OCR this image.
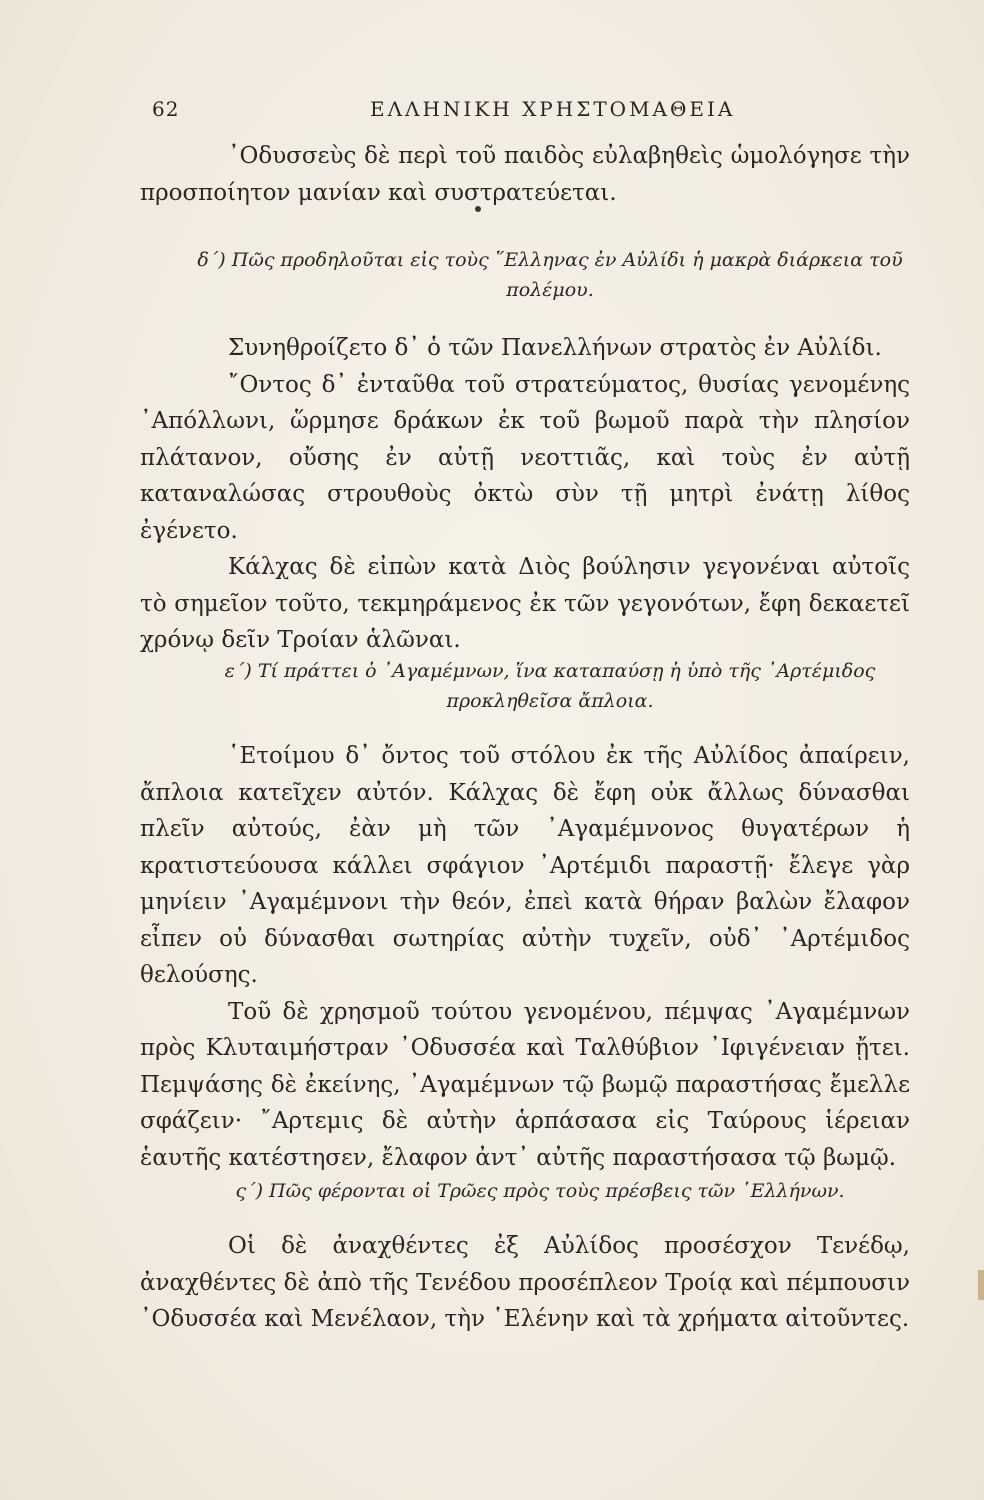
62	ΕΛΛΗΝΙΚΗ ΧΡΗΣΤΟΜΑΘΕΙΑ

᾿Οδυσσεὺς δὲ περὶ τοῦ παιδὸς εὐλαβηθεὶς ὡμολόγησε τὴν προσποίητον μανίαν καὶ συστρατεύεται.

δ΄) Πῶς προδηλοῦται εἰς τοὺς ῞Ελληνας ἐν Αὐλίδι ἡ μακρὰ διάρκεια τοῦ πολέμου.

Συνηθροίζετο δ᾿ ὁ τῶν Πανελλήνων στρατὸς ἐν Αὐλίδι.

῎Οντος δ᾿ ἐνταῦθα τοῦ στρατεύματος, θυσίας γενομένης ᾿Απόλλωνι, ὥρμησε δράκων ἐκ τοῦ βωμοῦ παρὰ τὴν πλησίον πλάτανον, οὔσης ἐν αὐτῇ νεοττιᾶς, καὶ τοὺς ἐν αὐτῇ καταναλώσας στρουθοὺς ὀκτὼ σὺν τῇ μητρὶ ἐνάτῃ λίθος ἐγένετο.

Κάλχας δὲ εἰπὼν κατὰ Διὸς βούλησιν γεγονέναι αὐτοῖς τὸ σημεῖον τοῦτο, τεκμηράμενος ἐκ τῶν γεγονότων, ἔφη δεκαετεῖ χρόνῳ δεῖν Τροίαν ἁλῶναι.

ε΄) Τί πράττει ὁ ᾿Αγαμέμνων, ἵνα καταπαύσῃ ἡ ὑπὸ τῆς ᾿Αρτέμιδος προκληθεῖσα ἄπλοια.

῾Ετοίμου δ᾿ ὄντος τοῦ στόλου ἐκ τῆς Αὐλίδος ἀπαίρειν, ἄπλοια κατεῖχεν αὐτόν. Κάλχας δὲ ἔφη οὐκ ἄλλως δύνασθαι πλεῖν αὐτούς, ἐὰν μὴ τῶν ᾿Αγαμέμνονος θυγατέρων ἡ κρατιστεύουσα κάλλει σφάγιον ᾿Αρτέμιδι παραστῇ· ἔλεγε γὰρ μηνίειν ᾿Αγαμέμνονι τὴν θεόν, ἐπεὶ κατὰ θήραν βαλὼν ἔλαφον εἶπεν οὐ δύνασθαι σωτηρίας αὐτὴν τυχεῖν, οὐδ᾿ ᾿Αρτέμιδος θελούσης.

Τοῦ δὲ χρησμοῦ τούτου γενομένου, πέμψας ᾿Αγαμέμνων πρὸς Κλυταιμήστραν ᾿Οδυσσέα καὶ Ταλθύβιον ᾿Ιφιγένειαν ᾔτει. Πεμψάσης δὲ ἐκείνης, ᾿Αγαμέμνων τῷ βωμῷ παραστήσας ἔμελλε σφάζειν· ῎Αρτεμις δὲ αὐτὴν ἁρπάσασα εἰς Ταύρους ἱέρειαν ἑαυτῆς κατέστησεν, ἔλαφον ἀντ᾿ αὐτῆς παραστήσασα τῷ βωμῷ.

ς΄) Πῶς φέρονται οἱ Τρῶες πρὸς τοὺς πρέσβεις τῶν ῾Ελλήνων.

Οἱ δὲ ἀναχθέντες ἐξ Αὐλίδος προσέσχον Τενέδῳ, ἀναχθέντες δὲ ἀπὸ τῆς Τενέδου προσέπλεον Τροίᾳ καὶ πέμπουσιν ᾿Οδυσσέα καὶ Μενέλαον, τὴν ῾Ελένην καὶ τὰ χρήματα αἰτοῦντες.
